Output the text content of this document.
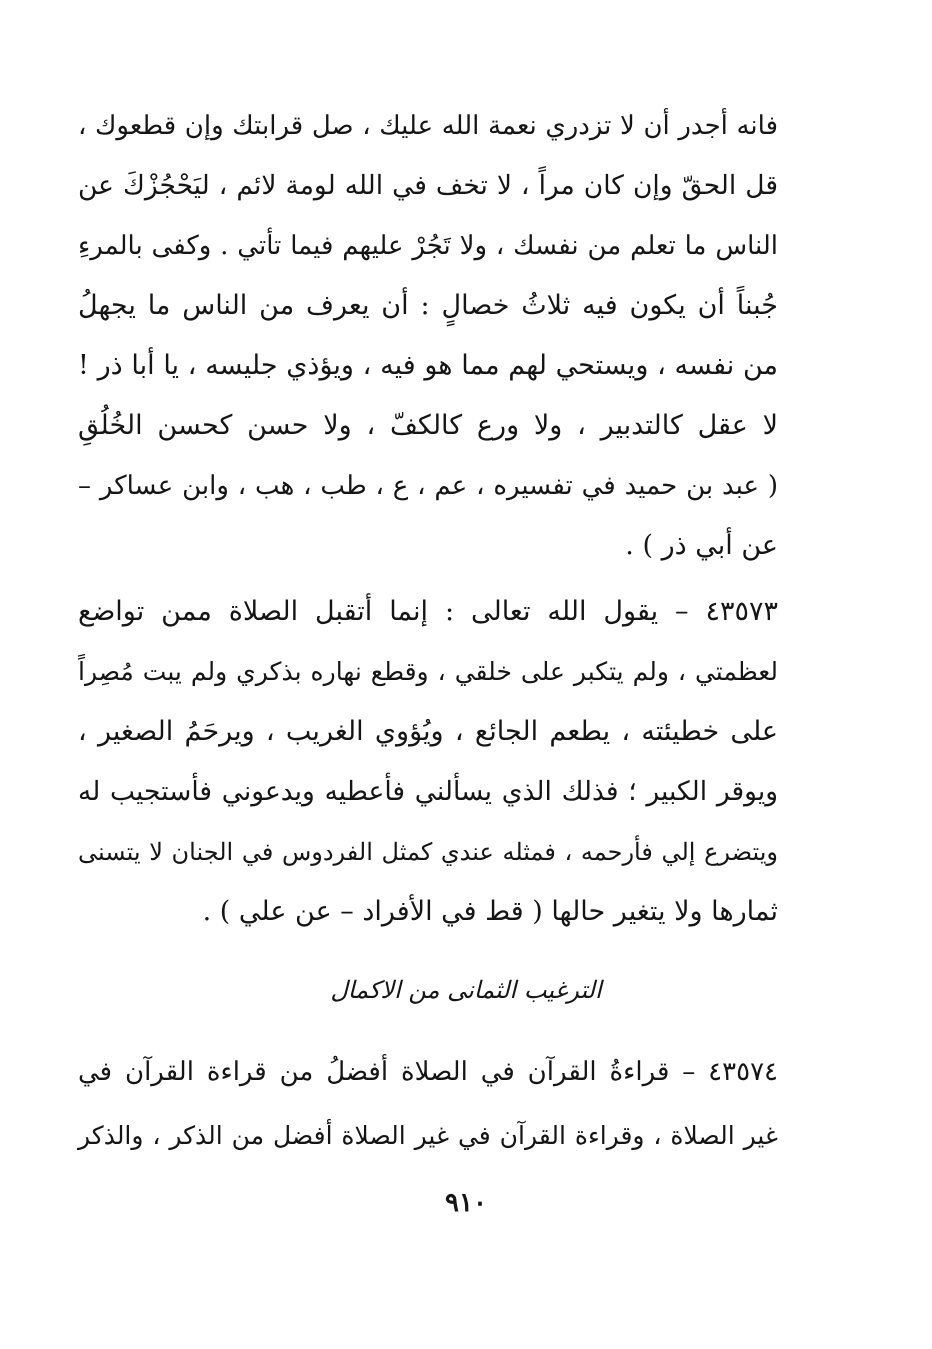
فانه أجدر أن لا تزدري نعمة الله عليك ، صل قرابتك وإن قطعوك ،
قل الحقّ وإن كان مراً ، لا تخف في الله لومة لائم ، ليَحْجُزْكَ عن
الناس ما تعلم من نفسك ، ولا تَجُرْ عليهم فيما تأتي . وكفى بالمرءِ
جُبناً أن يكون فيه ثلاثُ خصالٍ : أن يعرف من الناس ما يجهلُ
من نفسه ، ويستحي لهم مما هو فيه ، ويؤذي جليسه ، يا أبا ذر !
لا عقل كالتدبير ، ولا ورع كالكفّ ، ولا حسن كحسن الخُلُقِ
( عبد بن حميد في تفسيره ، عم ، ع ، طب ، هب ، وابن عساكر –
عن أبي ذر ) .
٤٣٥٧٣ – يقول الله تعالى : إنما أتقبل الصلاة ممن تواضع
لعظمتي ، ولم يتكبر على خلقي ، وقطع نهاره بذكري ولم يبت مُصِراً
على خطيئته ، يطعم الجائع ، ويُؤوي الغريب ، ويرحَمُ الصغير ،
ويوقر الكبير ؛ فذلك الذي يسألني فأعطيه ويدعوني فأستجيب له
ويتضرع إلي فأرحمه ، فمثله عندي كمثل الفردوس في الجنان لا يتسنى
ثمارها ولا يتغير حالها ( قط في الأفراد – عن علي ) .
الترغيب الثمانى من الاكمال
٤٣٥٧٤ – قراءةُ القرآن في الصلاة أفضلُ من قراءة القرآن في
غير الصلاة ، وقراءة القرآن في غير الصلاة أفضل من الذكر ، والذكر
٩١٠
